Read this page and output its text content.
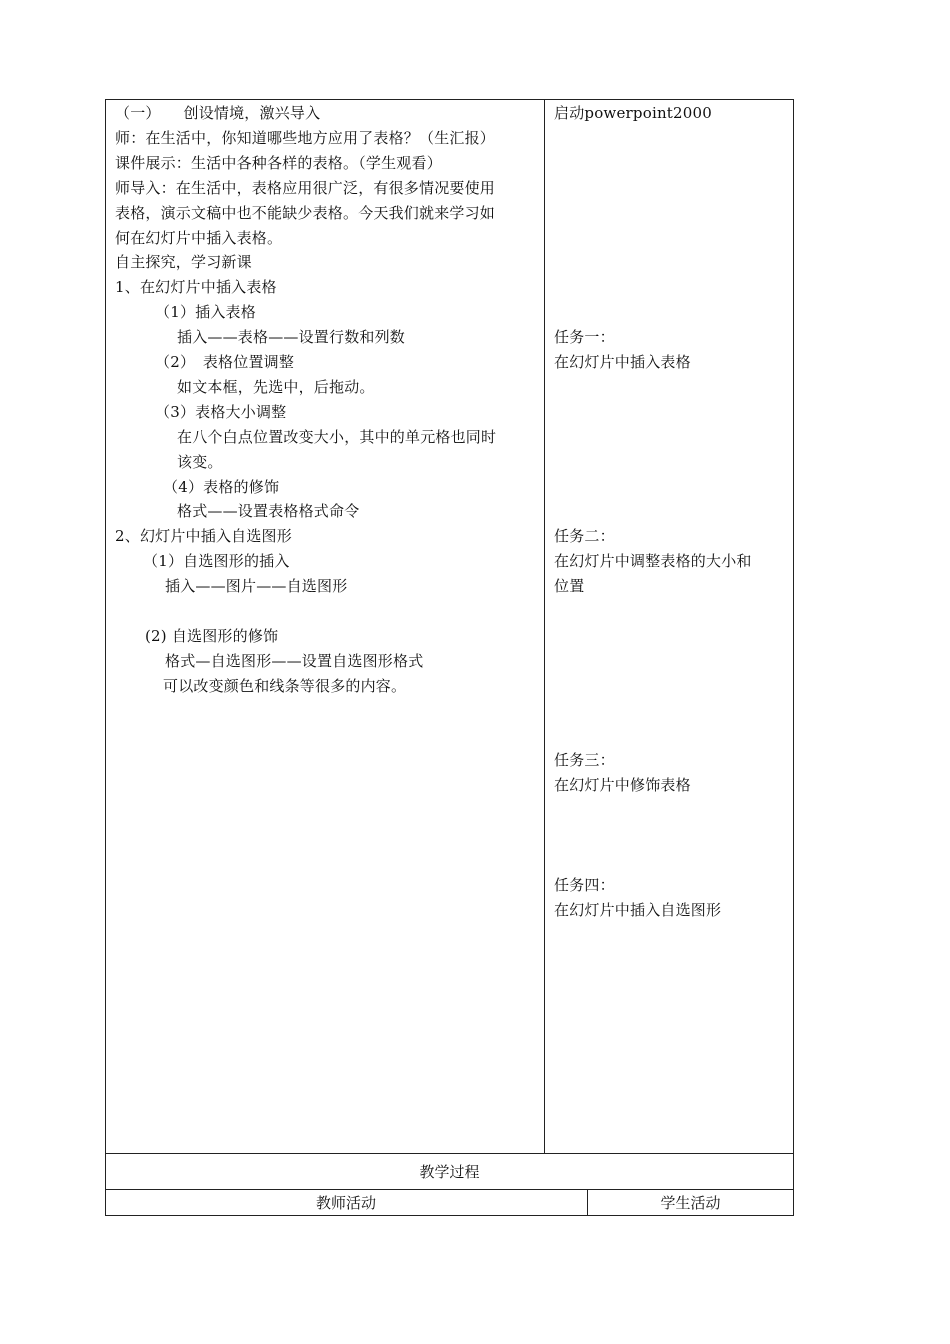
（一）　　创设情境，激兴导入
师：在生活中，你知道哪些地方应用了表格？（生汇报）
课件展示：生活中各种各样的表格。（学生观看）
师导入：在生活中，表格应用很广泛，有很多情况要使用
表格，演示文稿中也不能缺少表格。今天我们就来学习如
何在幻灯片中插入表格。
自主探究，学习新课
1、在幻灯片中插入表格
（1）插入表格
插入——表格——设置行数和列数
（2）　表格位置调整
如文本框，先选中，后拖动。
（3）表格大小调整
在八个白点位置改变大小，其中的单元格也同时
该变。
（4）表格的修饰
格式——设置表格格式命令
2、幻灯片中插入自选图形
（1）自选图形的插入
插入——图片——自选图形
(2) 自选图形的修饰
格式—自选图形——设置自选图形格式
可以改变颜色和线条等很多的内容。
启动powerpoint2000
任务一：
在幻灯片中插入表格
任务二：
在幻灯片中调整表格的大小和
位置
任务三：
在幻灯片中修饰表格
任务四：
在幻灯片中插入自选图形
教学过程
教师活动	学生活动
